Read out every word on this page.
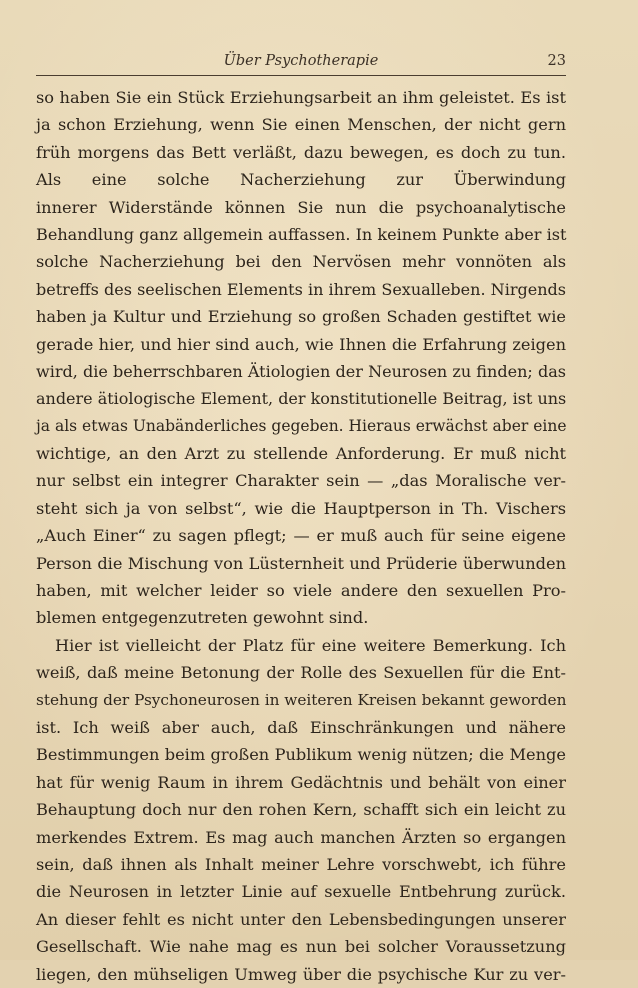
Über Psychotherapie	23
so haben Sie ein Stück Erziehungsarbeit an ihm geleistet. Es ist
ja schon Erziehung, wenn Sie einen Menschen, der nicht gern
früh morgens das Bett verläßt, dazu bewegen, es doch zu tun.
Als eine solche Nacherziehung zur Überwindung
innerer Widerstände können Sie nun die psychoanalytische
Behandlung ganz allgemein auffassen. In keinem Punkte aber ist
solche Nacherziehung bei den Nervösen mehr vonnöten als
betreffs des seelischen Elements in ihrem Sexualleben. Nirgends
haben ja Kultur und Erziehung so großen Schaden gestiftet wie
gerade hier, und hier sind auch, wie Ihnen die Erfahrung zeigen
wird, die beherrschbaren Ätiologien der Neurosen zu finden; das
andere ätiologische Element, der konstitutionelle Beitrag, ist uns
ja als etwas Unabänderliches gegeben. Hieraus erwächst aber eine
wichtige, an den Arzt zu stellende Anforderung. Er muß nicht
nur selbst ein integrer Charakter sein — „das Moralische ver-
steht sich ja von selbst“, wie die Hauptperson in Th. Vischers
„Auch Einer“ zu sagen pflegt; — er muß auch für seine eigene
Person die Mischung von Lüsternheit und Prüderie überwunden
haben, mit welcher leider so viele andere den sexuellen Pro-
blemen entgegenzutreten gewohnt sind.
Hier ist vielleicht der Platz für eine weitere Bemerkung. Ich
weiß, daß meine Betonung der Rolle des Sexuellen für die Ent-
stehung der Psychoneurosen in weiteren Kreisen bekannt geworden
ist. Ich weiß aber auch, daß Einschränkungen und nähere
Bestimmungen beim großen Publikum wenig nützen; die Menge
hat für wenig Raum in ihrem Gedächtnis und behält von einer
Behauptung doch nur den rohen Kern, schafft sich ein leicht zu
merkendes Extrem. Es mag auch manchen Ärzten so ergangen
sein, daß ihnen als Inhalt meiner Lehre vorschwebt, ich führe
die Neurosen in letzter Linie auf sexuelle Entbehrung zurück.
An dieser fehlt es nicht unter den Lebensbedingungen unserer
Gesellschaft. Wie nahe mag es nun bei solcher Voraussetzung
liegen, den mühseligen Umweg über die psychische Kur zu ver-
